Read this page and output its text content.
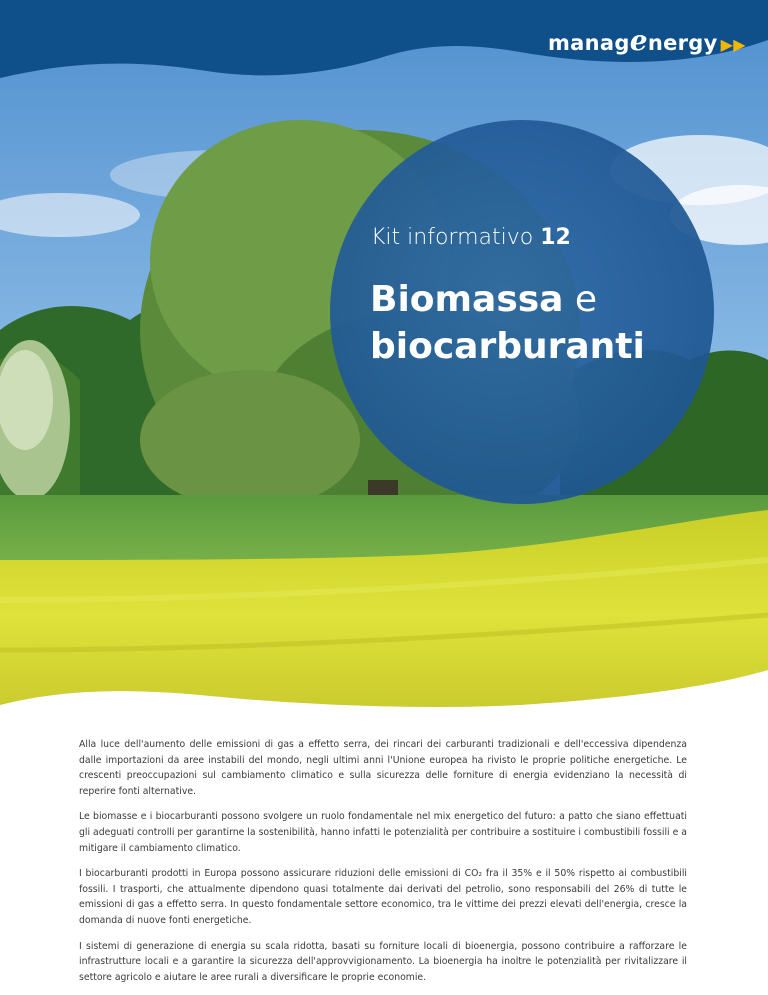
managenergy ▶▶
Kit informativo 12
Biomassa e
biocarburanti
Photo: ...

Alla luce dell'aumento delle emissioni di gas a effetto serra, dei rincari dei carburanti tradizionali e dell'eccessiva dipendenza dalle importazioni da aree instabili del mondo, negli ultimi anni l'Unione europea ha rivisto le proprie politiche energetiche. Le crescenti preoccupazioni sul cambiamento climatico e sulla sicurezza delle forniture di energia evidenziano la necessità di reperire fonti alternative.

Le biomasse e i biocarburanti possono svolgere un ruolo fondamentale nel mix energetico del futuro: a patto che siano effettuati gli adeguati controlli per garantirne la sostenibilità, hanno infatti le potenzialità per contribuire a sostituire i combustibili fossili e a mitigare il cambiamento climatico.

I biocarburanti prodotti in Europa possono assicurare riduzioni delle emissioni di CO₂ fra il 35% e il 50% rispetto ai combustibili fossili. I trasporti, che attualmente dipendono quasi totalmente dai derivati del petrolio, sono responsabili del 26% di tutte le emissioni di gas a effetto serra. In questo fondamentale settore economico, tra le vittime dei prezzi elevati dell'energia, cresce la domanda di nuove fonti energetiche.

I sistemi di generazione di energia su scala ridotta, basati su forniture locali di bioenergia, possono contribuire a rafforzare le infrastrutture locali e a garantire la sicurezza dell'approvvigionamento. La bioenergia ha inoltre le potenzialità per rivitalizzare il settore agricolo e aiutare le aree rurali a diversificare le proprie economie.
